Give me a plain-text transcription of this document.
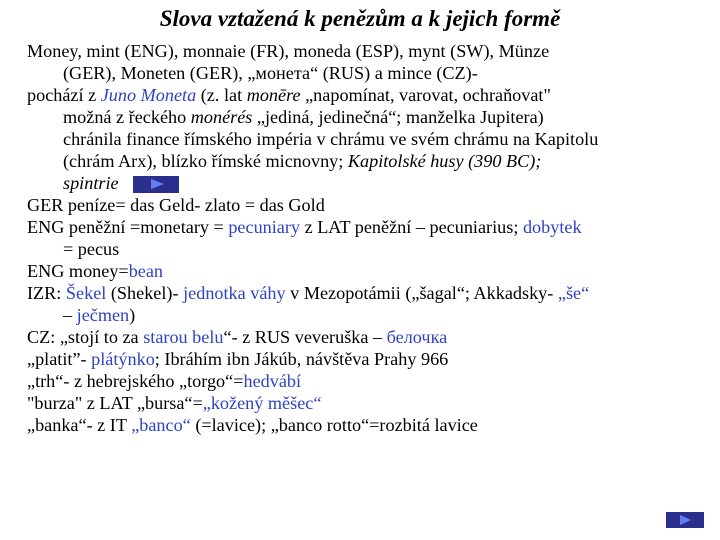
Slova vztažená k penězům a k jejich formě
Money, mint (ENG), monnaie (FR), moneda (ESP), mynt (SW), Münze
(GER), Moneten (GER), „монета“ (RUS) a mince (CZ)-
pochází z Juno Moneta (z. lat monēre „napomínat, varovat, ochraňovat"
možná z řeckého monérés „jediná, jedinečná“; manželka Jupitera)
chránila finance římského impéria v chrámu ve svém chrámu na Kapitolu
(chrám Arx), blízko římské micnovny; Kapitolské husy (390 BC);
spintrie
GER peníze= das Geld- zlato = das Gold
ENG peněžní =monetary = pecuniary z LAT peněžní – pecuniarius; dobytek
= pecus
ENG money=bean
IZR: Šekel (Shekel)- jednotka váhy v Mezopotámii („šagal“; Akkadsky- „še“
– ječmen)
CZ: „stojí to za starou belu“- z RUS veveruška – белочка
„platit”- plátýnko; Ibráhím ibn Jákúb, návštěva Prahy 966
„trh“- z hebrejského „torgo“=hedvábí
"burza" z LAT „bursa“=„kožený měšec“
„banka“- z IT „banco“ (=lavice); „banco rotto“=rozbitá lavice
